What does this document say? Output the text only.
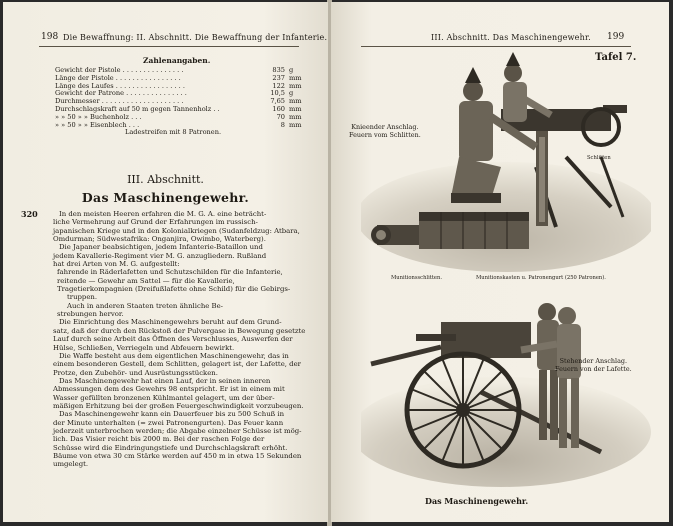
198 Die Bewaffnung: II. Abschnitt. Die Bewaffnung der Infanterie.
Zahlenangaben.
Gewicht der Pistole . . . . . . . . . . . . . . .	835 g
Länge der Pistole . . . . . . . . . . . . . . . .	237 mm
Länge des Laufes . . . . . . . . . . . . . . . . .	122 mm
Gewicht der Patrone . . . . . . . . . . . . . . .	10,5 g
Durchmesser . . . . . . . . . . . . . . . . . . . .	7,65 mm
Durchschlagskraft auf 50 m gegen Tannenholz . .	160 mm
» » 50 » » Buchenholz . . .	70 mm
» » 50 » » Eisenblech . . .	8 mm
Ladestreifen mit 8 Patronen.
III. Abschnitt.
Das Maschinengewehr.
320	In den meisten Heeren erfahren die M. G. A. eine beträcht-

liche Vermehrung auf Grund der Erfahrungen im russisch-

japanischen Kriege und in den Kolonialkriegen (Sudanfeldzug: Atbara,

Omdurman; Südwestafrika: Onganjira, Owimbo, Waterberg).

Die Japaner beabsichtigen, jedem Infanterie-Bataillon und

jedem Kavallerie-Regiment vier M. G. anzugliedern. Rußland

hat drei Arten von M. G. aufgestellt:

fahrende in Räderlafetten und Schutzschilden für die Infanterie,

reitende — Gewehr am Sattel — für die Kavallerie,

Tragetierkompagnien (Dreifußlafette ohne Schild) für die Gebirgs-

truppen.

Auch in anderen Staaten treten ähnliche Be-

strebungen hervor.

Die Einrichtung des Maschinengewehrs beruht auf dem Grund-

satz, daß der durch den Rückstoß der Pulvergase in Bewegung gesetzte

Lauf durch seine Arbeit das Öffnen des Verschlusses, Auswerfen der

Hülse, Schließen, Verriegeln und Abfeuern bewirkt.

Die Waffe besteht aus dem eigentlichen Maschinengewehr, das in

einem besonderen Gestell, dem Schlitten, gelagert ist, der Lafette, der

Protze, den Zubehör- und Ausrüstungsstücken.

Das Maschinengewehr hat einen Lauf, der in seinen inneren

Abmessungen dem des Gewehrs 98 entspricht. Er ist in einem mit

Wasser gefüllten bronzenen Kühlmantel gelagert, um der über-

mäßigen Erhitzung bei der großen Feuergeschwindigkeit vorzubeugen.

Das Maschinengewehr kann ein Dauerfeuer bis zu 500 Schuß in

der Minute unterhalten (= zwei Patronengurten). Das Feuer kann

jederzeit unterbrochen werden; die Abgabe einzelner Schüsse ist mög-

lich. Das Visier reicht bis 2000 m. Bei der raschen Folge der

Schüsse wird die Eindringungstiefe und Durchschlagskraft erhöht.

Bäume von etwa 30 cm Stärke werden auf 450 m in etwa 15 Sekunden

umgelegt.

III. Abschnitt. Das Maschinengewehr. 199
Tafel 7.
Knieender Anschlag.
Feuern vom Schlitten.
Schlitten
Munitionsschlitten.	Munitionskasten u. Patronengurt (250 Patronen).
Stehender Anschlag.
Feuern von der Lafette.
Das Maschinengewehr.
